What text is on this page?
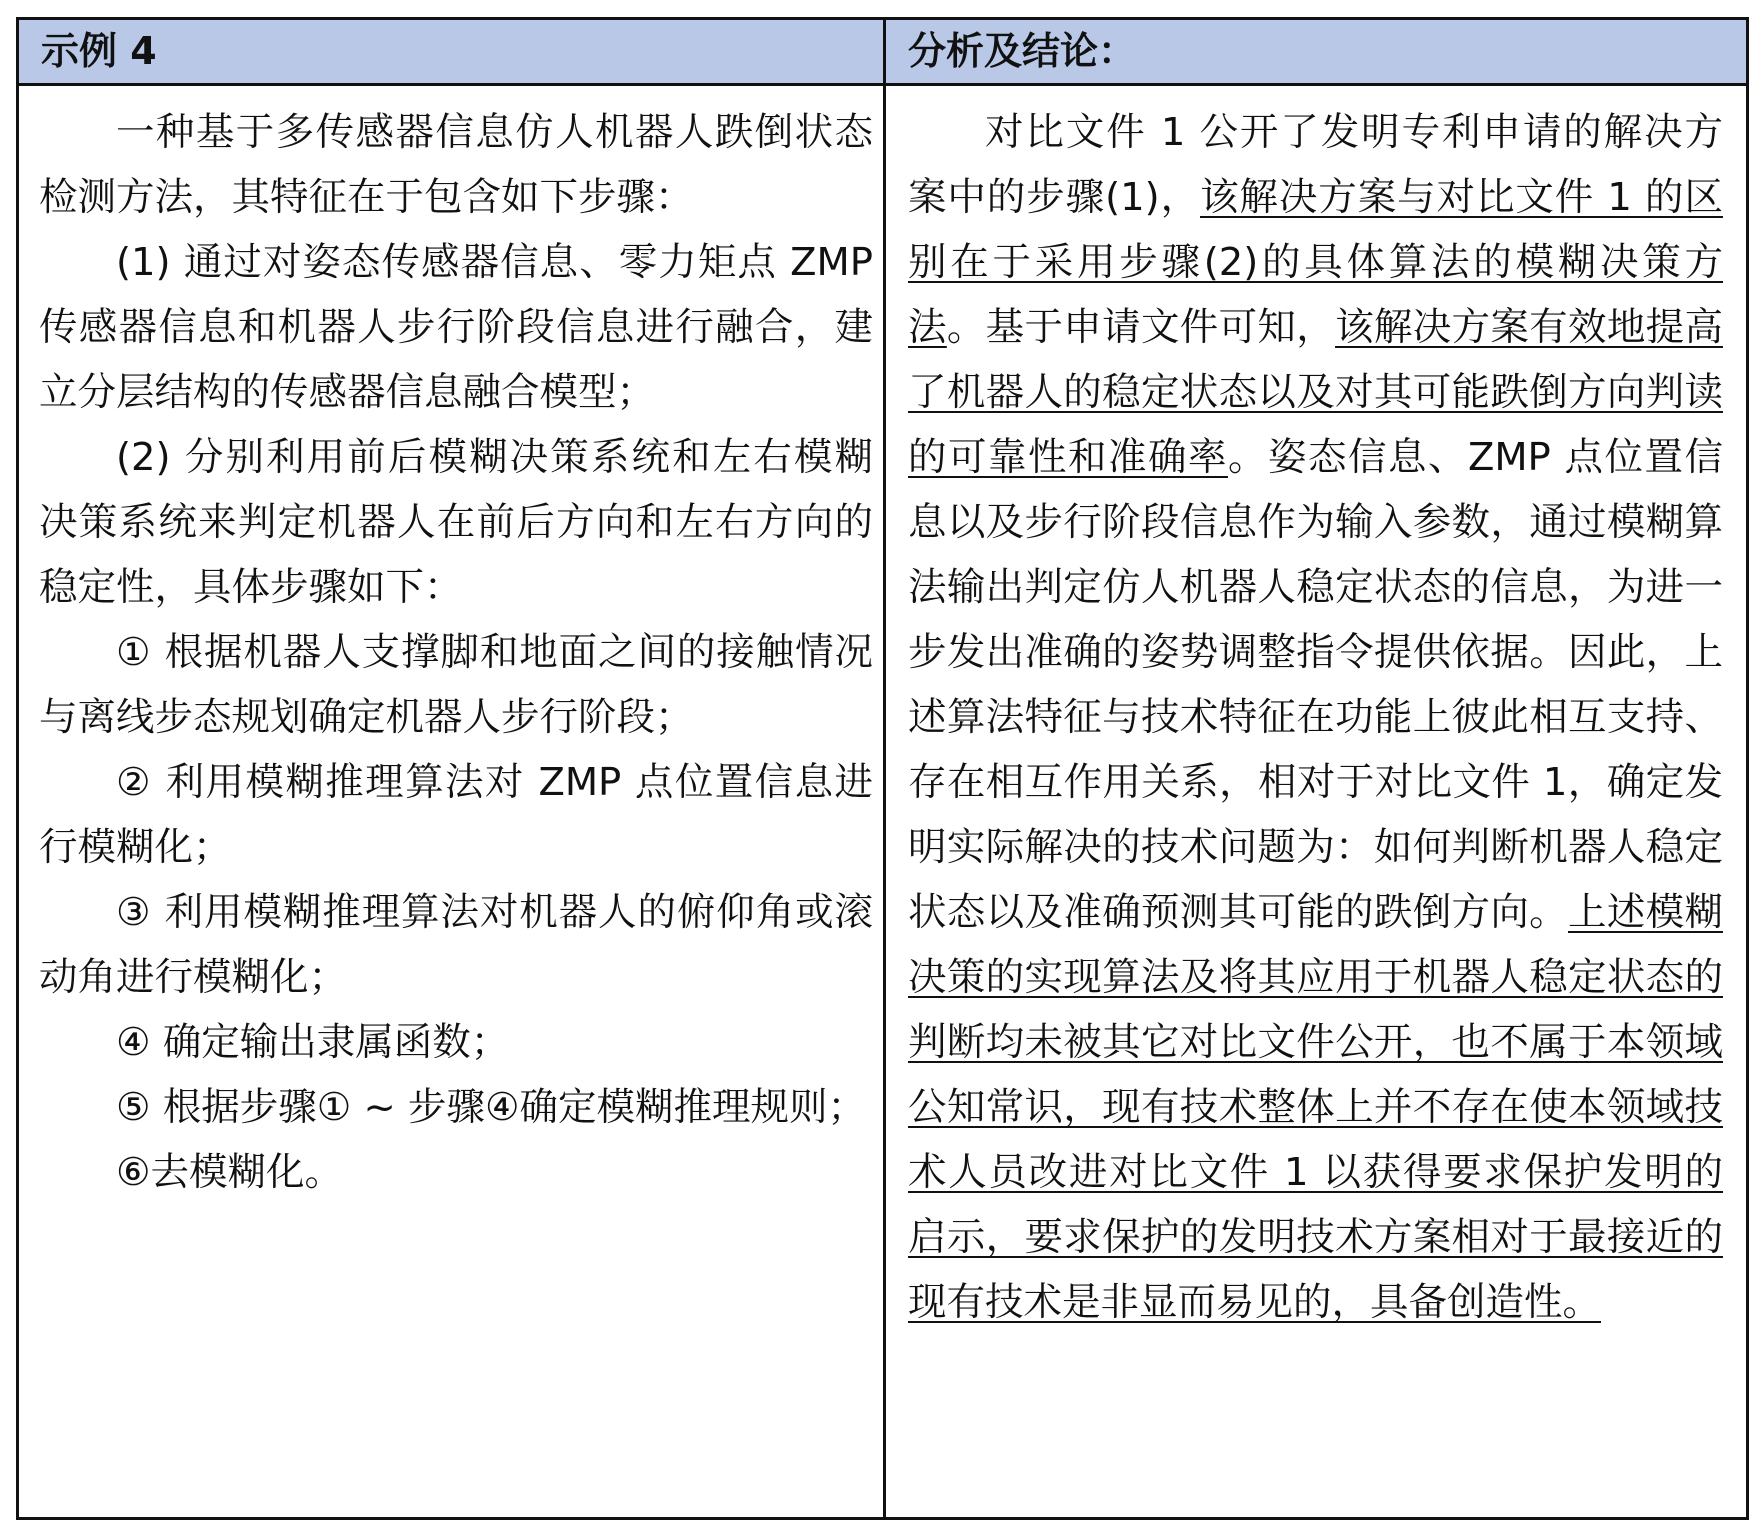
示例 4	分析及结论：

一种基于多传感器信息仿人机器人跌倒状态检测方法，其特征在于包含如下步骤：

(1) 通过对姿态传感器信息、零力矩点 ZMP 传感器信息和机器人步行阶段信息进行融合，建立分层结构的传感器信息融合模型；

(2) 分别利用前后模糊决策系统和左右模糊决策系统来判定机器人在前后方向和左右方向的稳定性，具体步骤如下：

① 根据机器人支撑脚和地面之间的接触情况与离线步态规划确定机器人步行阶段；

② 利用模糊推理算法对 ZMP 点位置信息进行模糊化；

③ 利用模糊推理算法对机器人的俯仰角或滚动角进行模糊化；

④ 确定输出隶属函数；

⑤ 根据步骤① ~ 步骤④确定模糊推理规则；

⑥去模糊化。

对比文件 1 公开了发明专利申请的解决方案中的步骤(1)，该解决方案与对比文件 1 的区别在于采用步骤(2)的具体算法的模糊决策方法。基于申请文件可知，该解决方案有效地提高了机器人的稳定状态以及对其可能跌倒方向判读的可靠性和准确率。姿态信息、ZMP 点位置信息以及步行阶段信息作为输入参数，通过模糊算法输出判定仿人机器人稳定状态的信息，为进一步发出准确的姿势调整指令提供依据。因此，上述算法特征与技术特征在功能上彼此相互支持、存在相互作用关系，相对于对比文件 1，确定发明实际解决的技术问题为：如何判断机器人稳定状态以及准确预测其可能的跌倒方向。上述模糊决策的实现算法及将其应用于机器人稳定状态的判断均未被其它对比文件公开，也不属于本领域公知常识，现有技术整体上并不存在使本领域技术人员改进对比文件 1 以获得要求保护发明的启示，要求保护的发明技术方案相对于最接近的现有技术是非显而易见的，具备创造性。
